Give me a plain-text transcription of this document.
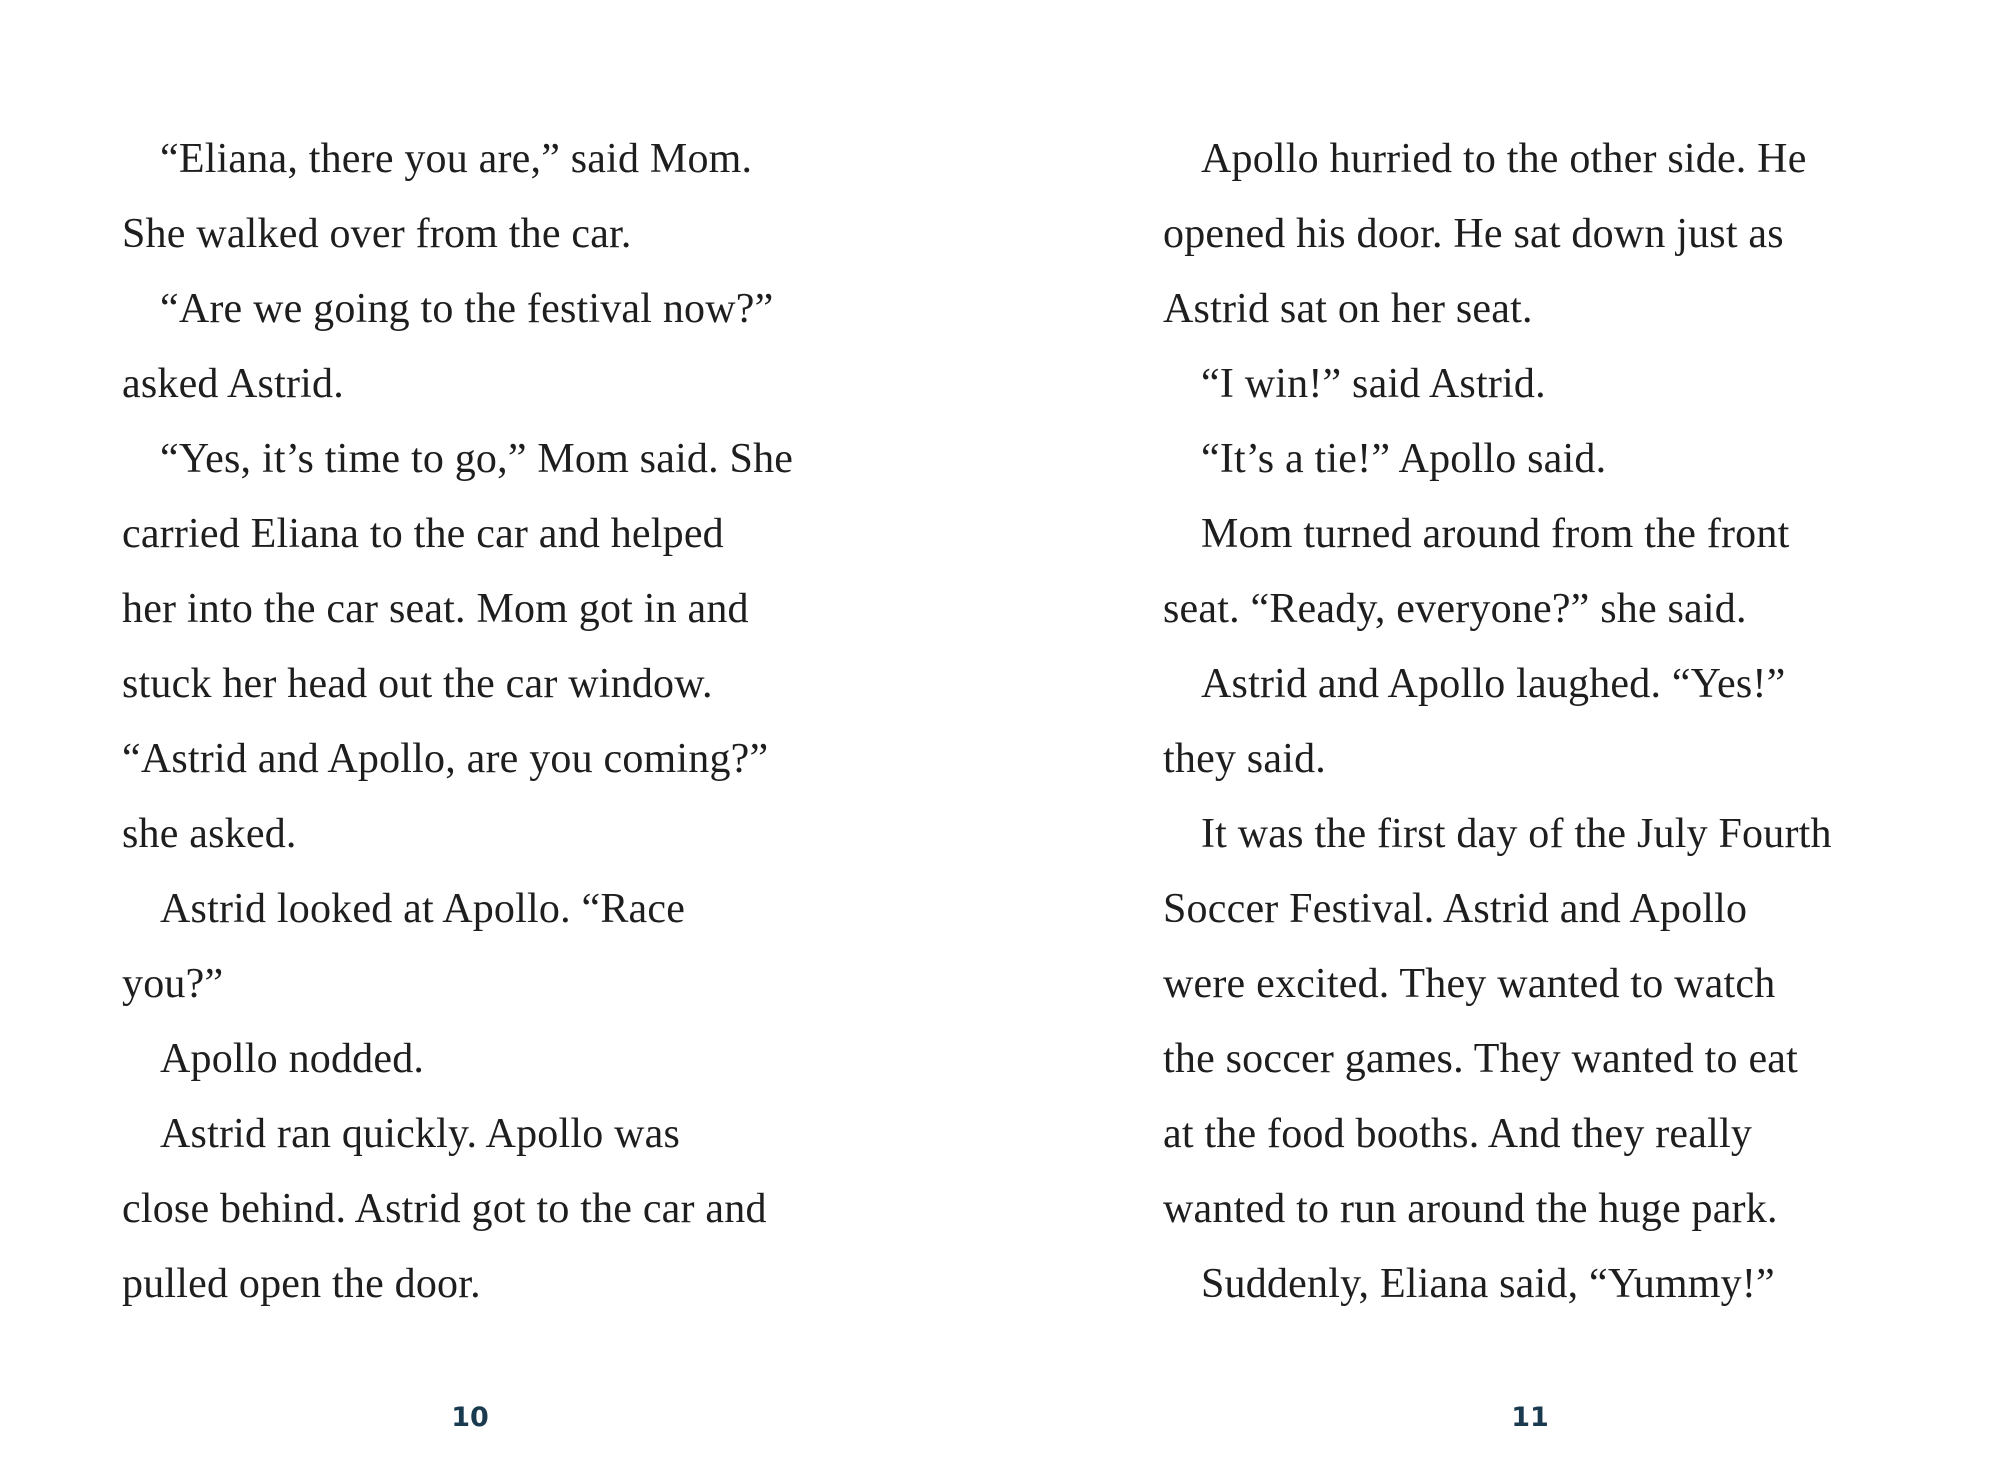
“Eliana, there you are,” said Mom.
She walked over from the car.
“Are we going to the festival now?”
asked Astrid.
“Yes, it’s time to go,” Mom said. She
carried Eliana to the car and helped
her into the car seat. Mom got in and
stuck her head out the car window.
“Astrid and Apollo, are you coming?”
she asked.
Astrid looked at Apollo. “Race
you?”
Apollo nodded.
Astrid ran quickly. Apollo was
close behind. Astrid got to the car and
pulled open the door.
10
Apollo hurried to the other side. He
opened his door. He sat down just as
Astrid sat on her seat.
“I win!” said Astrid.
“It’s a tie!” Apollo said.
Mom turned around from the front
seat. “Ready, everyone?” she said.
Astrid and Apollo laughed. “Yes!”
they said.
It was the first day of the July Fourth
Soccer Festival. Astrid and Apollo
were excited. They wanted to watch
the soccer games. They wanted to eat
at the food booths. And they really
wanted to run around the huge park.
Suddenly, Eliana said, “Yummy!”
11
